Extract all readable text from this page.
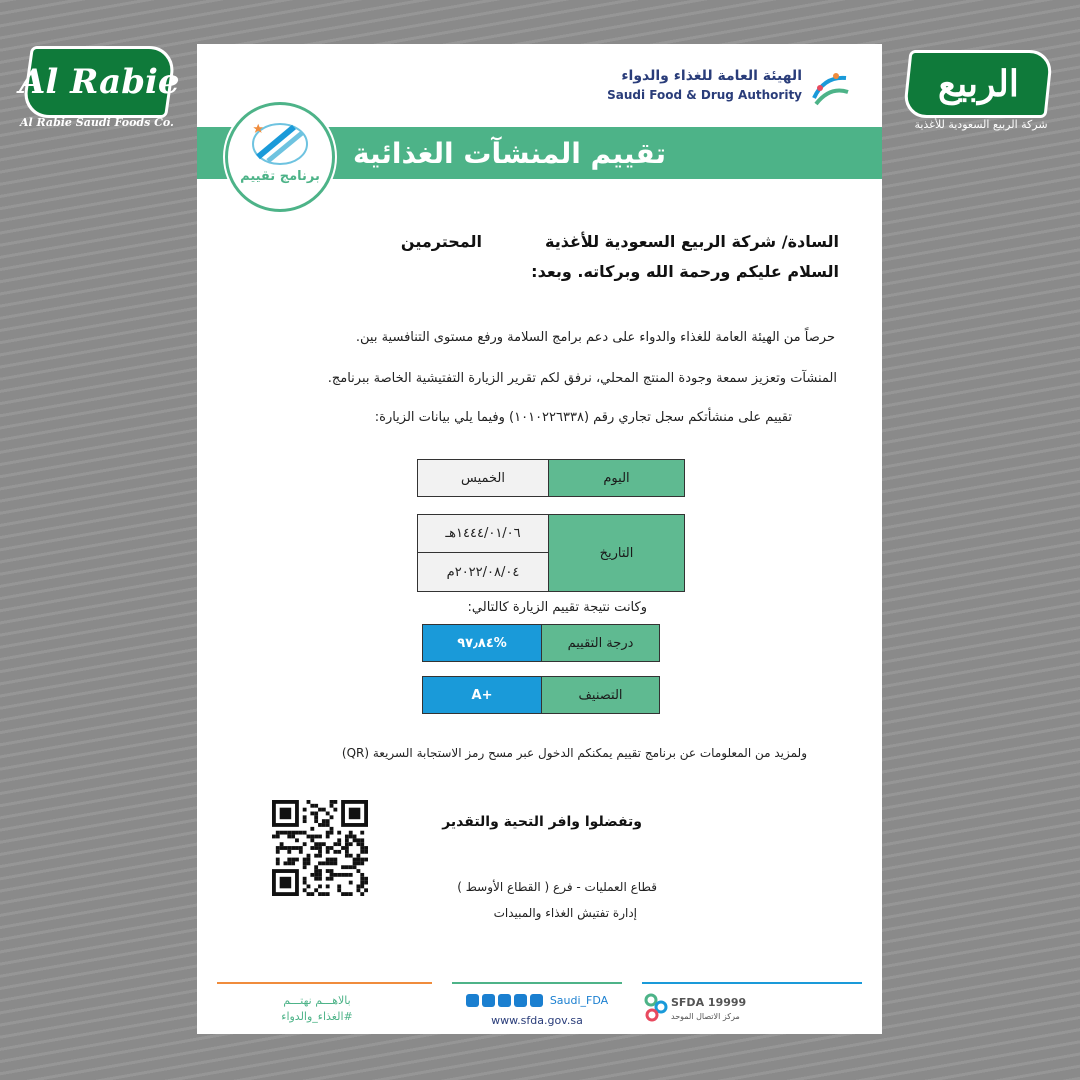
Al Rabie
Al Rabie Saudi Foods Co.
الربيع
شركة الربيع السعودية للأغذية
الهيئة العامة للغذاء والدواء
Saudi Food & Drug Authority
تقييم المنشآت الغذائية
برنامج تقييم
السادة/ شركة الربيع السعودية للأغذية
المحترمين
السلام عليكم ورحمة الله وبركاته. وبعد:
حرصاً من الهيئة العامة للغذاء والدواء على دعم برامج السلامة ورفع مستوى التنافسية بين.
المنشآت وتعزيز سمعة وجودة المنتج المحلي، نرفق لكم تقرير الزيارة التفتيشية الخاصة ببرنامج.
تقييم على منشأتكم سجل تجاري رقم (١٠١٠٢٢٦٣٣٨) وفيما يلي بيانات الزيارة:
اليوم
الخميس
التاريخ
١٤٤٤/٠١/٠٦هـ
٢٠٢٢/٠٨/٠٤م
وكانت نتيجة تقييم الزيارة كالتالي:
درجة التقييم
%٩٧٫٨٤
التصنيف
A+
ولمزيد من المعلومات عن برنامج تقييم يمكنكم الدخول عبر مسح رمز الاستجابة السريعة (QR)
وتفضلوا وافر التحية والتقدير
قطاع العمليات - فرع ( القطاع الأوسط )
إدارة تفتيش الغذاء والمبيدات
بالاهـــم نهتـــم
#الغذاء_والدواء
Saudi_FDA
www.sfda.gov.sa
SFDA 19999
مركز الاتصال الموحد
